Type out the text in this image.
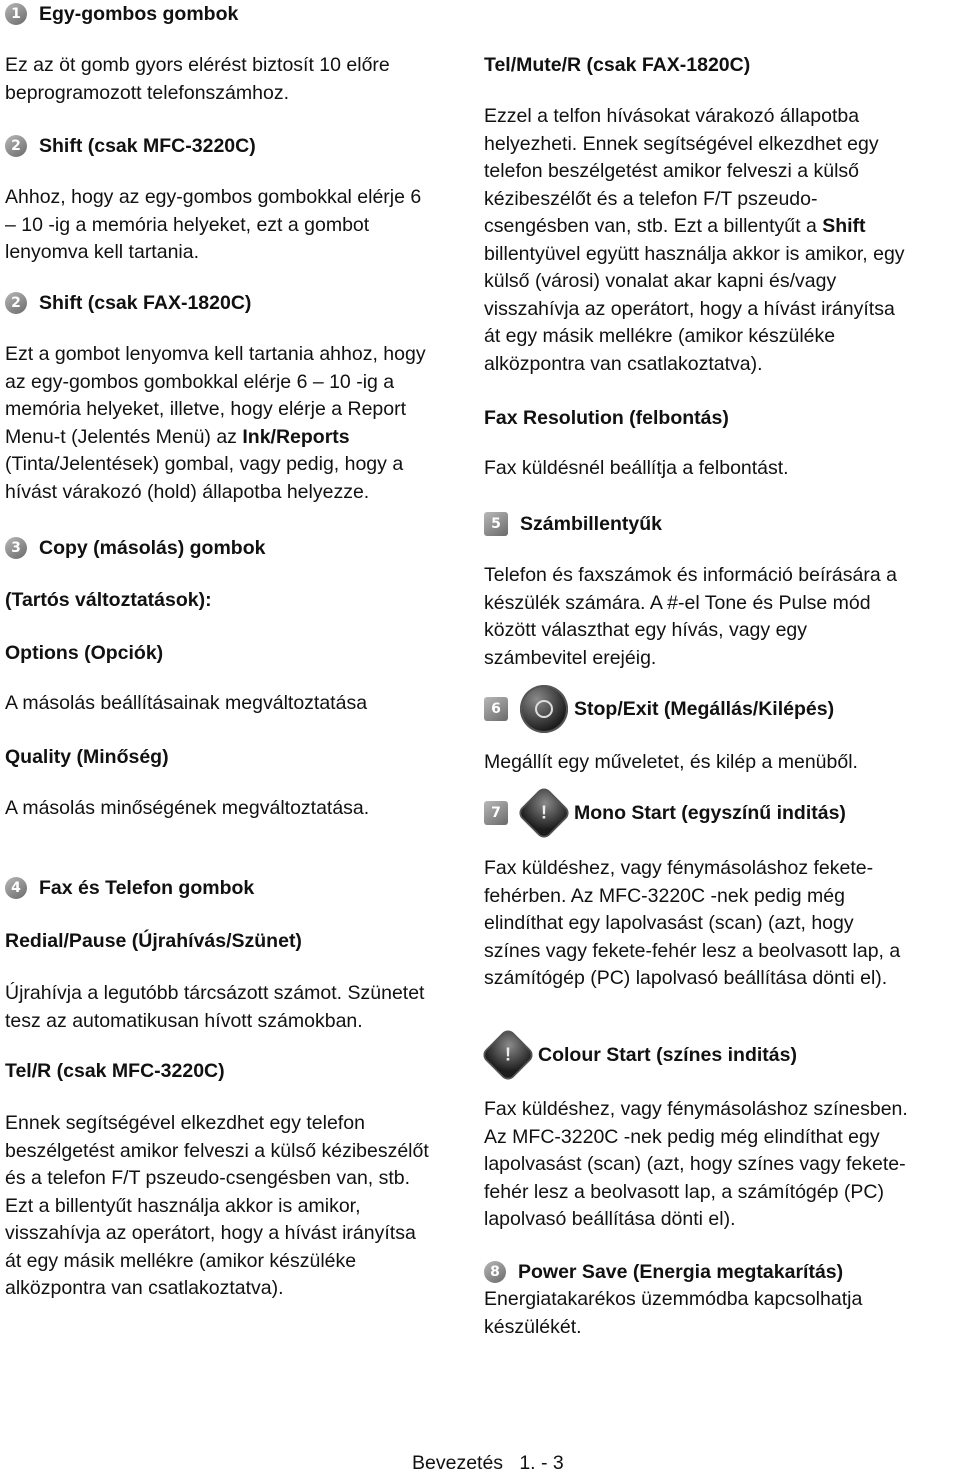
1 Egy-gombos gombok
Ez az öt gomb gyors elérést biztosít 10 előre
beprogramozott telefonszámhoz.
2 Shift (csak MFC-3220C)
Ahhoz, hogy az egy-gombos gombokkal elérje 6
– 10 -ig a memória helyeket, ezt a gombot
lenyomva kell tartania.
2 Shift (csak FAX-1820C)
Ezt a gombot lenyomva kell tartania ahhoz, hogy
az egy-gombos gombokkal elérje 6 – 10 -ig a
memória helyeket, illetve, hogy elérje a Report
Menu-t (Jelentés Menü) az Ink/Reports
(Tinta/Jelentések) gombal, vagy pedig, hogy a
hívást várakozó (hold) állapotba helyezze.
3 Copy (másolás) gombok
(Tartós változtatások):
Options (Opciók)
A másolás beállításainak megváltoztatása
Quality (Minőség)
A másolás minőségének megváltoztatása.
4 Fax és Telefon gombok
Redial/Pause (Újrahívás/Szünet)
Újrahívja a legutóbb tárcsázott számot. Szünetet
tesz az automatikusan hívott számokban.
Tel/R (csak MFC-3220C)
Ennek segítségével elkezdhet egy telefon
beszélgetést amikor felveszi a külső kézibeszélőt
és a telefon F/T pszeudo-csengésben van, stb.
Ezt a billentyűt használja akkor is amikor,
visszahívja az operátort, hogy a hívást irányítsa
át egy másik mellékre (amikor készüléke
alközpontra van csatlakoztatva).
Tel/Mute/R (csak FAX-1820C)
Ezzel a telfon hívásokat várakozó állapotba
helyezheti. Ennek segítségével elkezdhet egy
telefon beszélgetést amikor felveszi a külső
kézibeszélőt és a telefon F/T pszeudo-
csengésben van, stb. Ezt a billentyűt a Shift
billentyüvel együtt használja akkor is amikor, egy
külső (városi) vonalat akar kapni és/vagy
visszahívja az operátort, hogy a hívást irányítsa
át egy másik mellékre (amikor készüléke
alközpontra van csatlakoztatva).
Fax Resolution (felbontás)
Fax küldésnél beállítja a felbontást.
5 Számbillentyűk
Telefon és faxszámok és információ beírására a
készülék számára. A #-el Tone és Pulse mód
között választhat egy hívás, vagy egy
számbevitel erejéig.
6	Stop/Exit (Megállás/Kilépés)
Megállít egy műveletet, és kilép a menüből.
7
!	Mono Start (egyszínű inditás)
Fax küldéshez, vagy fénymásoláshoz fekete-
fehérben. Az MFC-3220C -nek pedig még
elindíthat egy lapolvasást (scan) (azt, hogy
színes vagy fekete-fehér lesz a beolvasott lap, a
számítógép (PC) lapolvasó beállítása dönti el).
!
Colour Start (színes inditás)
Fax küldéshez, vagy fénymásoláshoz színesben.
Az MFC-3220C -nek pedig még elindíthat egy
lapolvasást (scan) (azt, hogy színes vagy fekete-
fehér lesz a beolvasott lap, a számítógép (PC)
lapolvasó beállítása dönti el).
8 Power Save (Energia megtakarítás)
Energiatakarékos üzemmódba kapcsolhatja
készülékét.
Bevezetés 1. - 3
